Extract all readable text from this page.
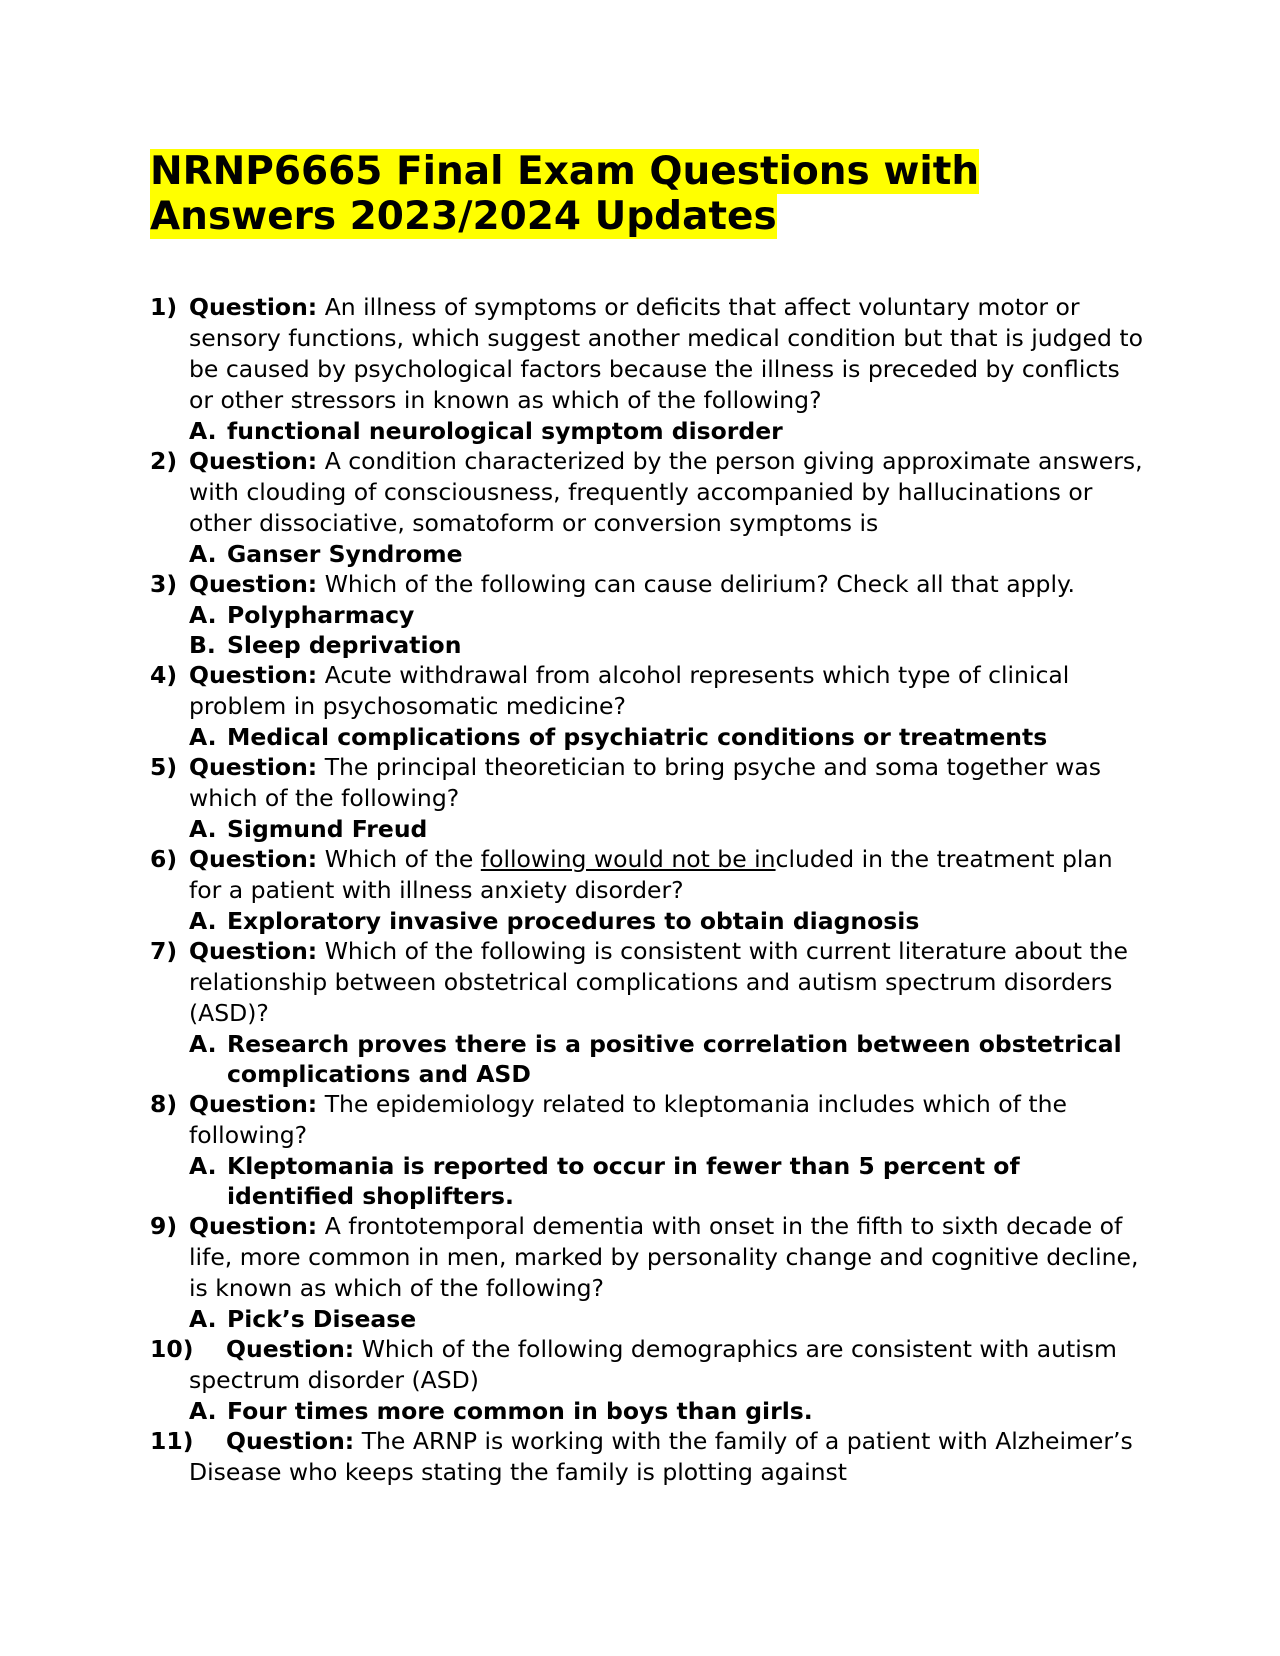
NRNP6665 Final Exam Questions with Answers 2023/2024 Updates
1) Question: An illness of symptoms or deficits that affect voluntary motor or sensory functions, which suggest another medical condition but that is judged to be caused by psychological factors because the illness is preceded by conflicts or other stressors in known as which of the following?
A. functional neurological symptom disorder
2) Question: A condition characterized by the person giving approximate answers, with clouding of consciousness, frequently accompanied by hallucinations or other dissociative, somatoform or conversion symptoms is
A. Ganser Syndrome
3) Question: Which of the following can cause delirium? Check all that apply.
A. Polypharmacy
B. Sleep deprivation
4) Question: Acute withdrawal from alcohol represents which type of clinical problem in psychosomatic medicine?
A. Medical complications of psychiatric conditions or treatments
5) Question: The principal theoretician to bring psyche and soma together was which of the following?
A. Sigmund Freud
6) Question: Which of the following would not be included in the treatment plan for a patient with illness anxiety disorder?
A. Exploratory invasive procedures to obtain diagnosis
7) Question: Which of the following is consistent with current literature about the relationship between obstetrical complications and autism spectrum disorders (ASD)?
A. Research proves there is a positive correlation between obstetrical complications and ASD
8) Question: The epidemiology related to kleptomania includes which of the following?
A. Kleptomania is reported to occur in fewer than 5 percent of identified shoplifters.
9) Question: A frontotemporal dementia with onset in the fifth to sixth decade of life, more common in men, marked by personality change and cognitive decline, is known as which of the following?
A. Pick’s Disease
10) Question: Which of the following demographics are consistent with autism spectrum disorder (ASD)
A. Four times more common in boys than girls.
11) Question: The ARNP is working with the family of a patient with Alzheimer’s Disease who keeps stating the family is plotting against
